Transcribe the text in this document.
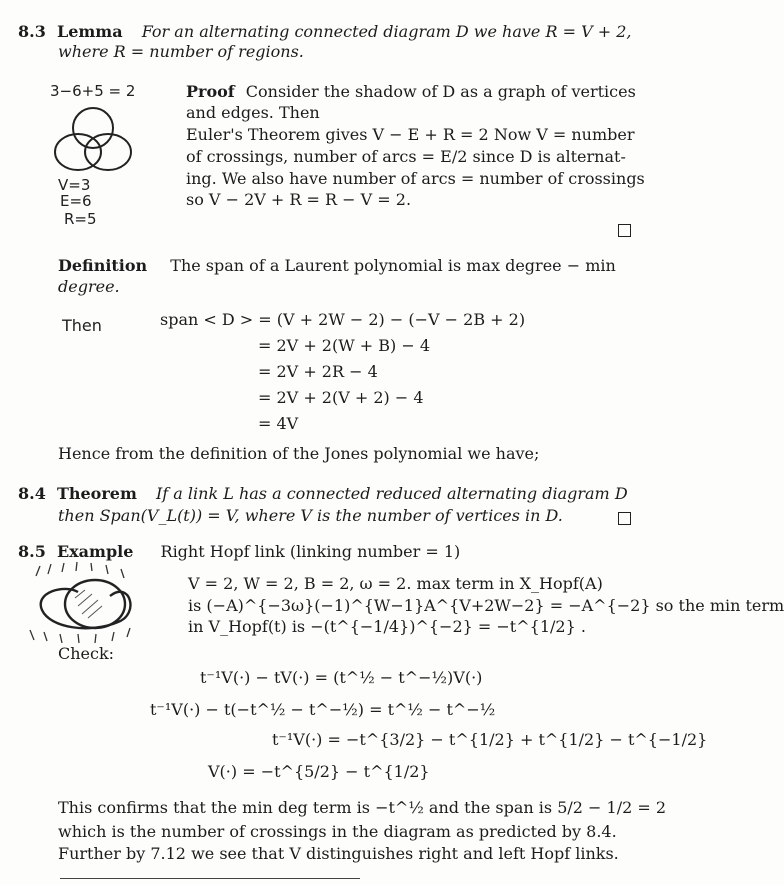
8.3 Lemma For an alternating connected diagram D we have R = V + 2,
where R = number of regions.
3−6+5 = 2
V=3
E=6
R=5
Proof Consider the shadow of D as a graph of vertices
and edges. Then
Euler's Theorem gives V − E + R = 2 Now V = number
of crossings, number of arcs = E/2 since D is alternat-
ing. We also have number of arcs = number of crossings
so V − 2V + R = R − V = 2.
Definition The span of a Laurent polynomial is max degree − min
degree.
Then	span < D > = (V + 2W − 2) − (−V − 2B + 2)
= 2V + 2(W + B) − 4
= 2V + 2R − 4
= 2V + 2(V + 2) − 4
= 4V
Hence from the definition of the Jones polynomial we have;
8.4 Theorem If a link L has a connected reduced alternating diagram D
then Span(V_L(t)) = V, where V is the number of vertices in D.
8.5 Example Right Hopf link (linking number = 1)
V = 2, W = 2, B = 2, ω = 2. max term in X_Hopf(A)
is (−A)^{−3ω}(−1)^{W−1}A^{V+2W−2} = −A^{−2} so the min term
in V_Hopf(t) is −(t^{−1/4})^{−2} = −t^{1/2} .
Check:
t⁻¹V(·) − tV(·) = (t^½ − t^−½)V(·)
t⁻¹V(·) − t(−t^½ − t^−½) = t^½ − t^−½
t⁻¹V(·) = −t^{3/2} − t^{1/2} + t^{1/2} − t^{−1/2}
V(·) = −t^{5/2} − t^{1/2}
This confirms that the min deg term is −t^½ and the span is 5/2 − 1/2 = 2
which is the number of crossings in the diagram as predicted by 8.4.
Further by 7.12 we see that V distinguishes right and left Hopf links.
